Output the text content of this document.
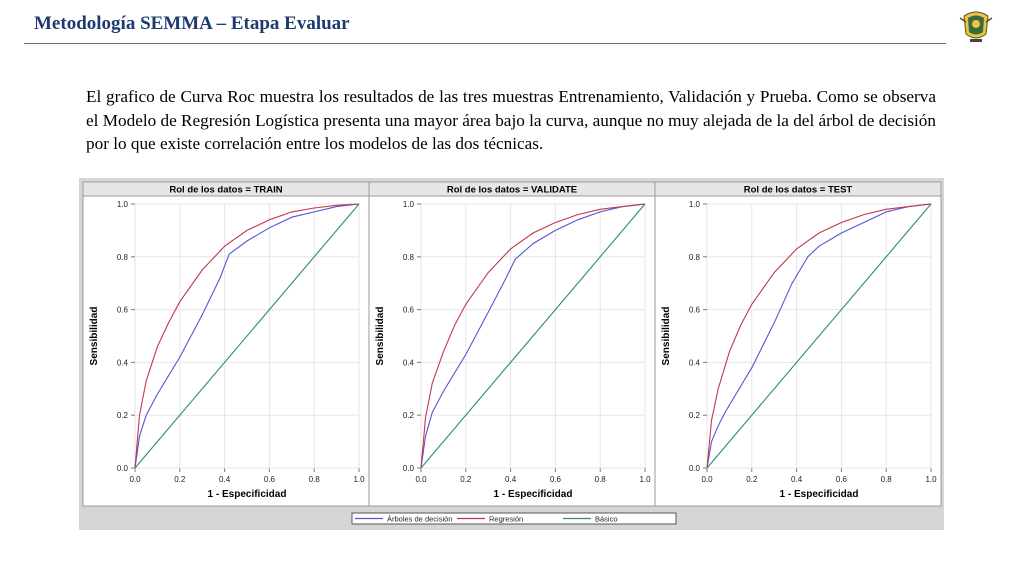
Metodología SEMMA – Etapa Evaluar
El grafico de Curva Roc muestra los resultados de las tres muestras Entrenamiento, Validación y Prueba. Como se observa el Modelo de Regresión Logística presenta una mayor área bajo la curva, aunque no muy alejada de la del árbol de decisión por lo que existe correlación entre los modelos de las dos técnicas.
Rol de los datos = TRAIN
0.0	0.2	0.4	0.6	0.8	1.0
0.0
0.2
0.4
0.6
0.8
1.0
1 - Especificidad
Sensibilidad
Rol de los datos = VALIDATE
0.0	0.2	0.4	0.6	0.8	1.0
0.0
0.2
0.4
0.6
0.8
1.0
1 - Especificidad
Sensibilidad
Rol de los datos = TEST
0.0	0.2	0.4	0.6	0.8	1.0
0.0
0.2
0.4
0.6
0.8
1.0
1 - Especificidad
Sensibilidad
Árboles de decisión	Regresión	Básico
